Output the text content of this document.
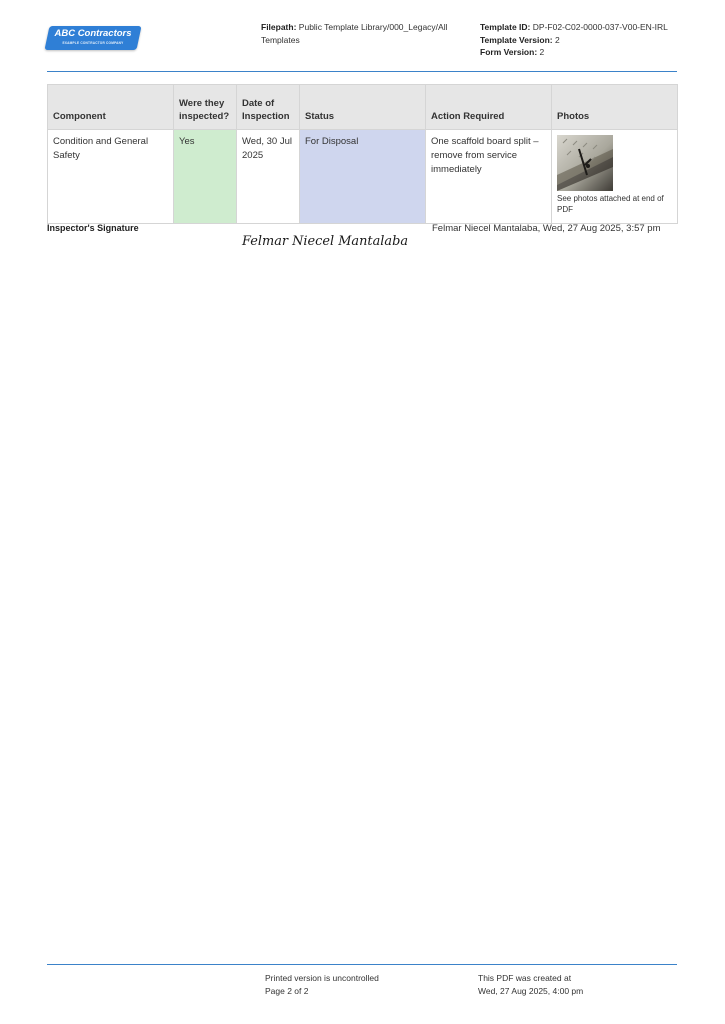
ABC Contractors
EXAMPLE CONTRACTOR COMPANY
Filepath: Public Template Library/000_Legacy/All Templates
Template ID: DP-F02-C02-0000-037-V00-EN-IRL
Template Version: 2
Form Version: 2
Component	Were they inspected?	Date of Inspection	Status	Action Required	Photos
Condition and General Safety	Yes	Wed, 30 Jul 2025	For Disposal	One scaffold board split – remove from service immediately	See photos attached at end of PDF
Inspector's Signature
Felmar Niecel Mantalaba
Felmar Niecel Mantalaba, Wed, 27 Aug 2025, 3:57 pm
Printed version is uncontrolled
Page 2 of 2
This PDF was created at
Wed, 27 Aug 2025, 4:00 pm
